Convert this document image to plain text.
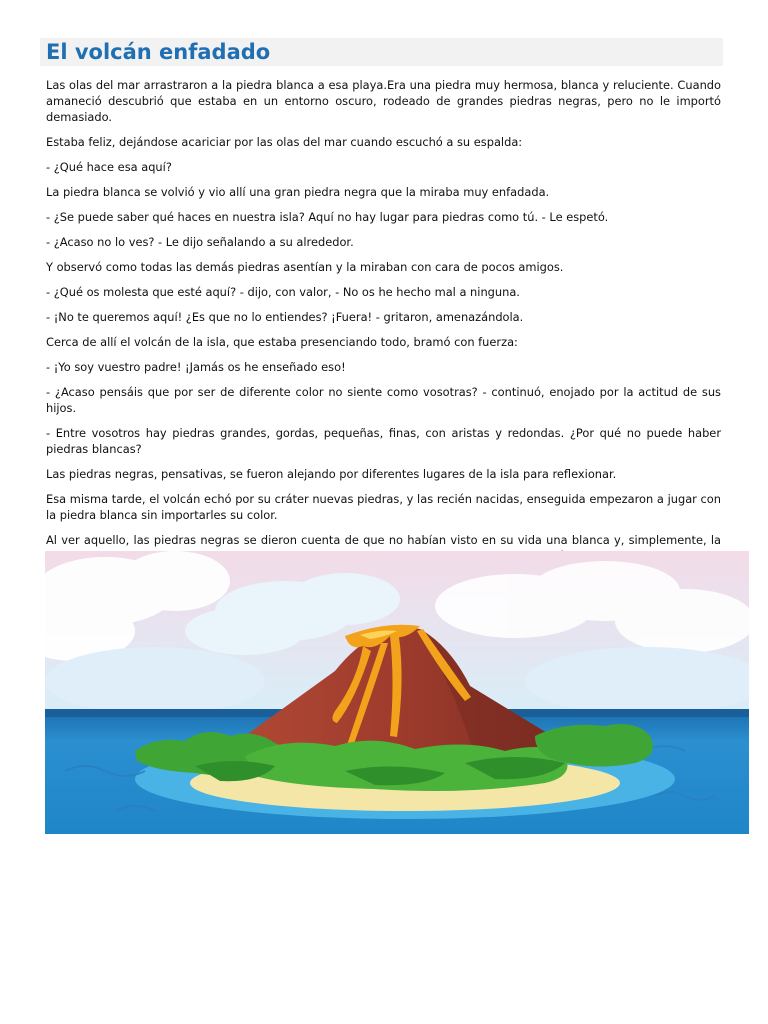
El volcán enfadado

Las olas del mar arrastraron a la piedra blanca a esa playa.Era una piedra muy hermosa, blanca y reluciente. Cuando amaneció descubrió que estaba en un entorno oscuro, rodeado de grandes piedras negras, pero no le importó demasiado.

Estaba feliz, dejándose acariciar por las olas del mar cuando escuchó a su espalda:

- ¿Qué hace esa aquí?

La piedra blanca se volvió y vio allí una gran piedra negra que la miraba muy enfadada.

- ¿Se puede saber qué haces en nuestra isla? Aquí no hay lugar para piedras como tú. - Le espetó.

- ¿Acaso no lo ves? - Le dijo señalando a su alrededor.

Y observó como todas las demás piedras asentían y la miraban con cara de pocos amigos.

- ¿Qué os molesta que esté aquí? - dijo, con valor, - No os he hecho mal a ninguna.

- ¡No te queremos aquí! ¿Es que no lo entiendes? ¡Fuera! - gritaron, amenazándola.

Cerca de allí el volcán de la isla, que estaba presenciando todo, bramó con fuerza:

- ¡Yo soy vuestro padre! ¡Jamás os he enseñado eso!

- ¿Acaso pensáis que por ser de diferente color no siente como vosotras? - continuó, enojado por la actitud de sus hijos.

- Entre vosotros hay piedras grandes, gordas, pequeñas, finas, con aristas y redondas. ¿Por qué no puede haber piedras blancas?

Las piedras negras, pensativas, se fueron alejando por diferentes lugares de la isla para reflexionar.

Esa misma tarde, el volcán echó por su cráter nuevas piedras, y las recién nacidas, enseguida empezaron a jugar con la piedra blanca sin importarles su color.

Al ver aquello, las piedras negras se dieron cuenta de que no habían visto en su vida una blanca y, simplemente, la
